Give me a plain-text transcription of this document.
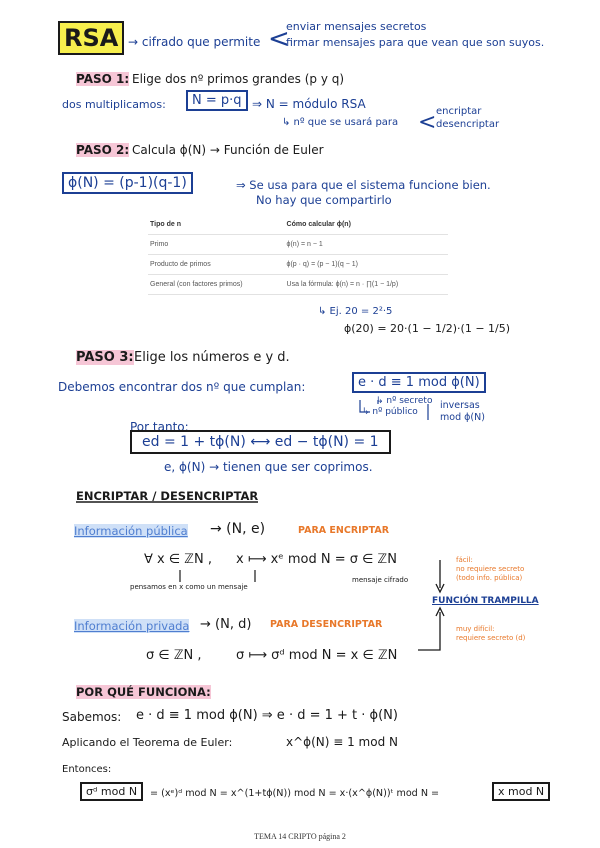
RSA → cifrado que permite <
enviar mensajes secretos
firmar mensajes para que vean que son suyos.
PASO 1: Elige dos nº primos grandes (p y q)
dos multiplicamos:	N = p·q ⇒ N = módulo RSA
↳ nº que se usará para < encriptar
desencriptar
PASO 2: Calcula ϕ(N) → Función de Euler
ϕ(N) = (p-1)(q-1)	⇒ Se usa para que el sistema funcione bien.
No hay que compartirlo
Tipo de n	Cómo calcular ϕ(n)
Primo	ϕ(n) = n − 1
Producto de primos	ϕ(p · q) = (p − 1)(q − 1)
General (con factores primos)	Usa la fórmula: ϕ(n) = n · ∏(1 − 1/p)
↳ Ej. 20 = 2²·5
ϕ(20) = 20·(1 − 1/2)·(1 − 1/5)
PASO 3: Elige los números e y d.
Debemos encontrar dos nº que cumplan:	e · d ≡ 1 mod ϕ(N)
↳ nº secreto
↳ nº público
inversas
mod ϕ(N)
Por tanto:
ed = 1 + tϕ(N) ⟷ ed − tϕ(N) = 1
e, ϕ(N) → tienen que ser coprimos.
ENCRIPTAR / DESENCRIPTAR
Información pública → (N, e)	PARA ENCRIPTAR
∀ x ∈ ℤN , x ⟼ xᵉ mod N = σ ∈ ℤN
pensamos en x como un mensaje
mensaje cifrado
fácil:
no requiere secreto
(todo info. pública)
FUNCIÓN TRAMPILLA
Información privada → (N, d) PARA DESENCRIPTAR	muy difícil:
requiere secreto (d)
σ ∈ ℤN ,	σ ⟼ σᵈ mod N = x ∈ ℤN
POR QUÉ FUNCIONA:
Sabemos: e · d ≡ 1 mod ϕ(N) ⇒ e · d = 1 + t · ϕ(N)
Aplicando el Teorema de Euler:	x^ϕ(N) ≡ 1 mod N
Entonces:
σᵈ mod N	= (xᵉ)ᵈ mod N = x^(1+tϕ(N)) mod N = x·(x^ϕ(N))ᵗ mod N =	x mod N
TEMA 14 CRIPTO página 2
